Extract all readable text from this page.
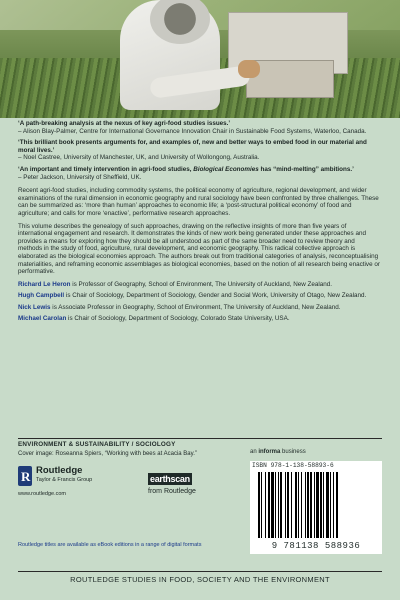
‘A path-breaking analysis at the nexus of key agri-food studies issues.’
– Alison Blay-Palmer, Centre for International Governance Innovation Chair in Sustainable Food Systems, Waterloo, Canada.
‘This brilliant book presents arguments for, and examples of, new and better ways to embed food in our material and moral lives.’
– Noel Castree, University of Manchester, UK, and University of Wollongong, Australia.
‘An important and timely intervention in agri-food studies, Biological Economies has “mind-melting” ambitions.’
– Peter Jackson, University of Sheffield, UK.
Recent agri-food studies, including commodity systems, the political economy of agriculture, regional development, and wider examinations of the rural dimension in economic geography and rural sociology have been confronted by three challenges. These can be summarized as: ‘more than human’ approaches to economic life; a ‘post-structural political economy’ of food and agriculture; and calls for more ‘enactive’, performative research approaches.
This volume describes the genealogy of such approaches, drawing on the reflective insights of more than five years of international engagement and research. It demonstrates the kinds of new work being generated under these approaches and provides a means for exploring how they should be all understood as part of the same broader need to review theory and methods in the study of food, agriculture, rural development, and economic geography. This radical collective approach is elaborated as the biological economies approach. The authors break out from traditional categories of analysis, reconceptualising materialities, and reframing economic assemblages as biological economies, based on the notion of all research being enactive or performative.
Richard Le Heron is Professor of Geography, School of Environment, The University of Auckland, New Zealand.
Hugh Campbell is Chair of Sociology, Department of Sociology, Gender and Social Work, University of Otago, New Zealand.
Nick Lewis is Associate Professor in Geography, School of Environment, The University of Auckland, New Zealand.
Michael Carolan is Chair of Sociology, Department of Sociology, Colorado State University, USA.
ENVIRONMENT & SUSTAINABILITY / SOCIOLOGY
Cover image: Roseanna Spiers, “Working with bees at Acacia Bay.”
R
Routledge
Taylor & Francis Group
www.routledge.com
earthscan
from Routledge
an informa business
ISBN 978-1-138-58893-6
9 781138 588936
Routledge titles are available as eBook editions in a range of digital formats
ROUTLEDGE STUDIES IN FOOD, SOCIETY AND THE ENVIRONMENT
